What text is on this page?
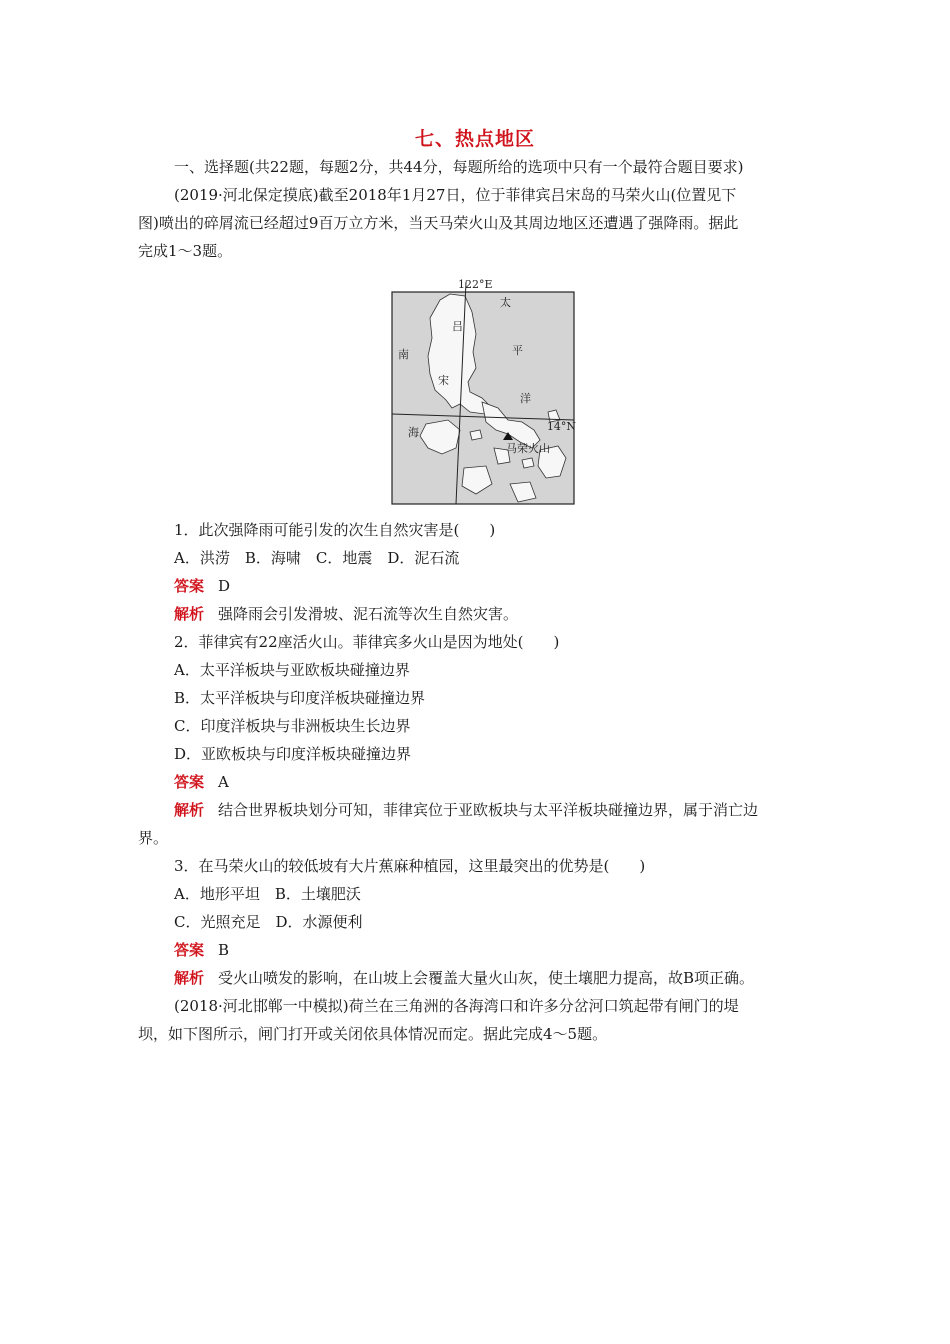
七、热点地区
一、选择题(共22题，每题2分，共44分，每题所给的选项中只有一个最符合题目要求)
(2019·河北保定摸底)截至2018年1月27日，位于菲律宾吕宋岛的马荣火山(位置见下
图)喷出的碎屑流已经超过9百万立方米，当天马荣火山及其周边地区还遭遇了强降雨。据此
完成1～3题。
122°E
14°N
太
平
洋
吕
宋
南
海
马荣火山
1．此次强降雨可能引发的次生自然灾害是(　　)
A．洪涝　B．海啸　C．地震　D．泥石流
答案 D
解析 强降雨会引发滑坡、泥石流等次生自然灾害。
2．菲律宾有22座活火山。菲律宾多火山是因为地处(　　)
A．太平洋板块与亚欧板块碰撞边界
B．太平洋板块与印度洋板块碰撞边界
C．印度洋板块与非洲板块生长边界
D．亚欧板块与印度洋板块碰撞边界
答案 A
解析 结合世界板块划分可知，菲律宾位于亚欧板块与太平洋板块碰撞边界，属于消亡边
界。
3．在马荣火山的较低坡有大片蕉麻种植园，这里最突出的优势是(　　)
A．地形平坦　B．土壤肥沃
C．光照充足　D．水源便利
答案 B
解析 受火山喷发的影响，在山坡上会覆盖大量火山灰，使土壤肥力提高，故B项正确。
(2018·河北邯郸一中模拟)荷兰在三角洲的各海湾口和许多分岔河口筑起带有闸门的堤
坝，如下图所示，闸门打开或关闭依具体情况而定。据此完成4～5题。
